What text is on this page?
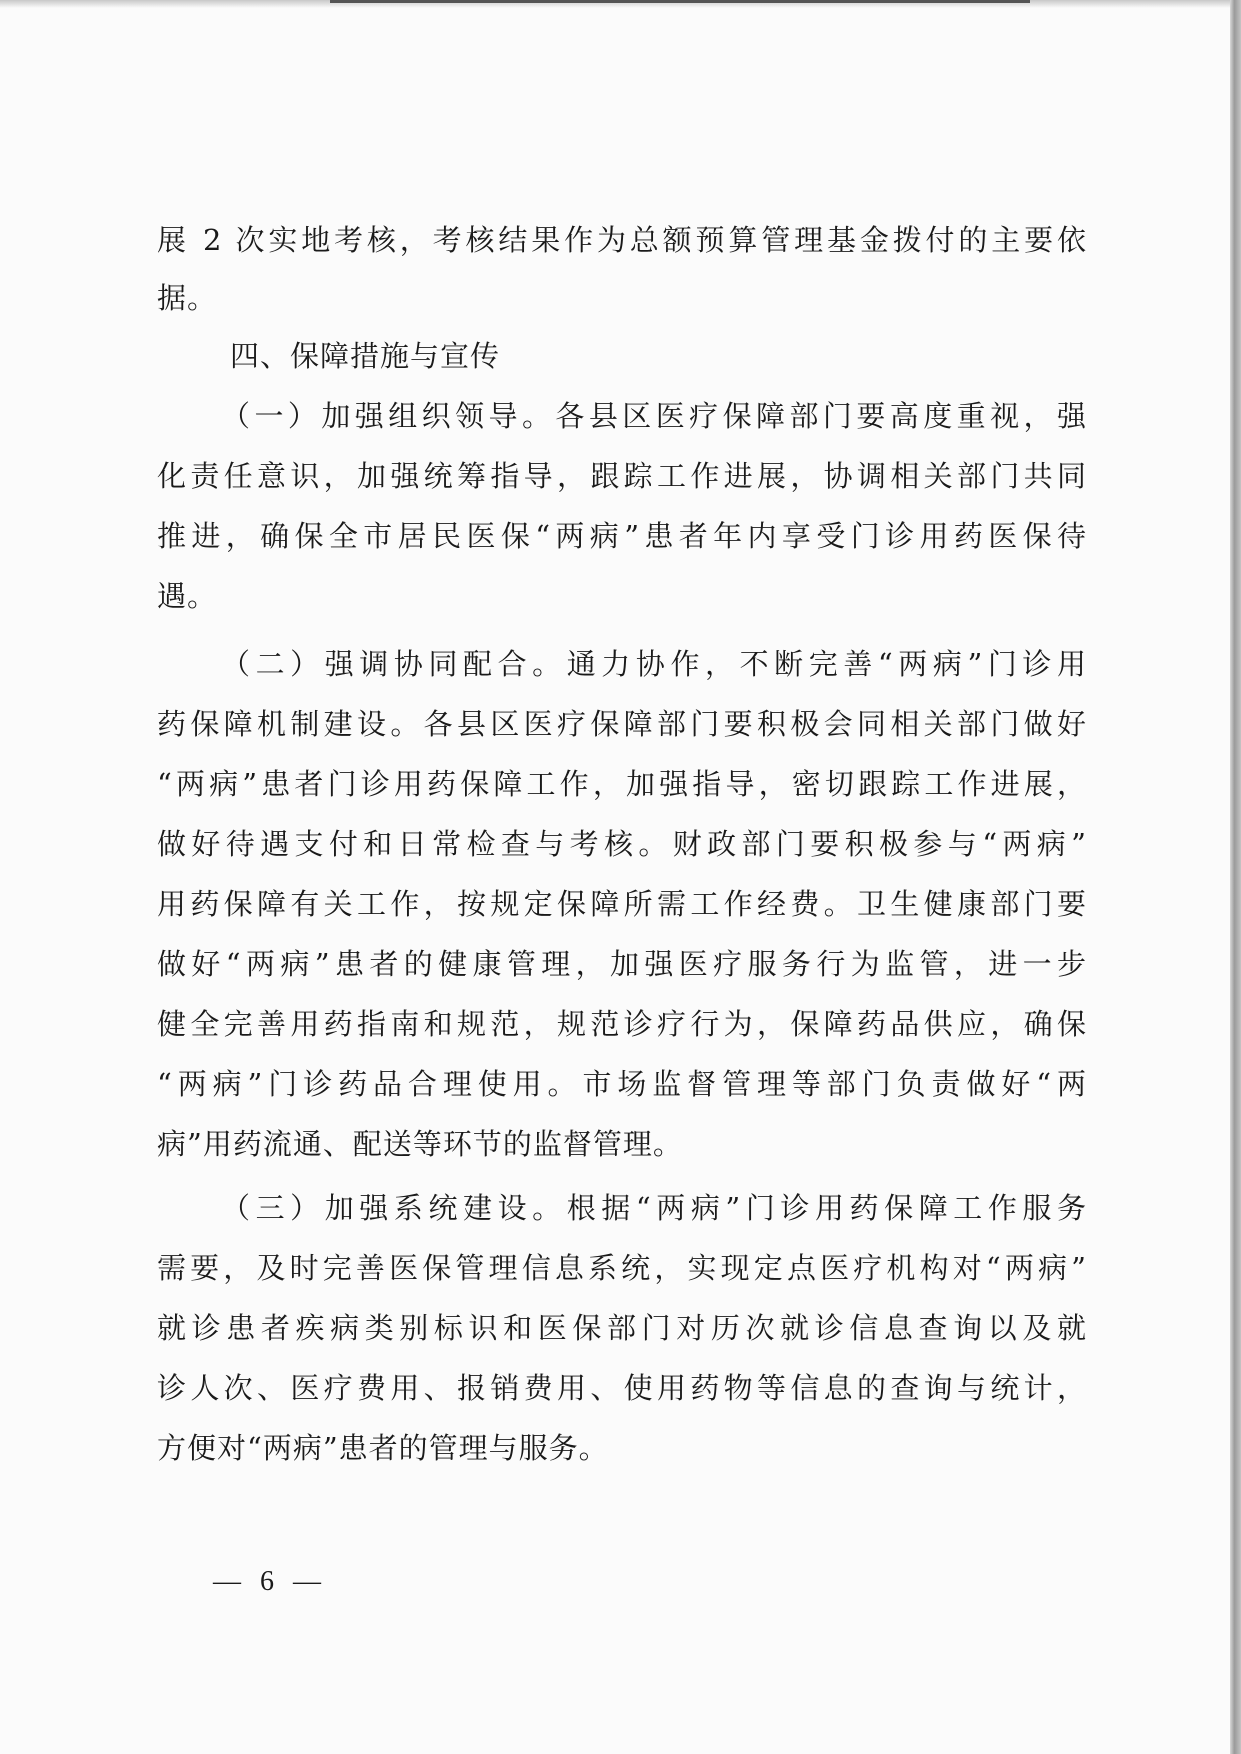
展 2 次实地考核，考核结果作为总额预算管理基金拨付的主要依
据。
四、保障措施与宣传
（一）加强组织领导。各县区医疗保障部门要高度重视，强
化责任意识，加强统筹指导，跟踪工作进展，协调相关部门共同
推进，确保全市居民医保“两病”患者年内享受门诊用药医保待
遇。
（二）强调协同配合。通力协作，不断完善“两病”门诊用
药保障机制建设。各县区医疗保障部门要积极会同相关部门做好
“两病”患者门诊用药保障工作，加强指导，密切跟踪工作进展，
做好待遇支付和日常检查与考核。财政部门要积极参与“两病”
用药保障有关工作，按规定保障所需工作经费。卫生健康部门要
做好“两病”患者的健康管理，加强医疗服务行为监管，进一步
健全完善用药指南和规范，规范诊疗行为，保障药品供应，确保
“两病”门诊药品合理使用。市场监督管理等部门负责做好“两
病”用药流通、配送等环节的监督管理。
（三）加强系统建设。根据“两病”门诊用药保障工作服务
需要，及时完善医保管理信息系统，实现定点医疗机构对“两病”
就诊患者疾病类别标识和医保部门对历次就诊信息查询以及就
诊人次、医疗费用、报销费用、使用药物等信息的查询与统计，
方便对“两病”患者的管理与服务。
— 6 —
